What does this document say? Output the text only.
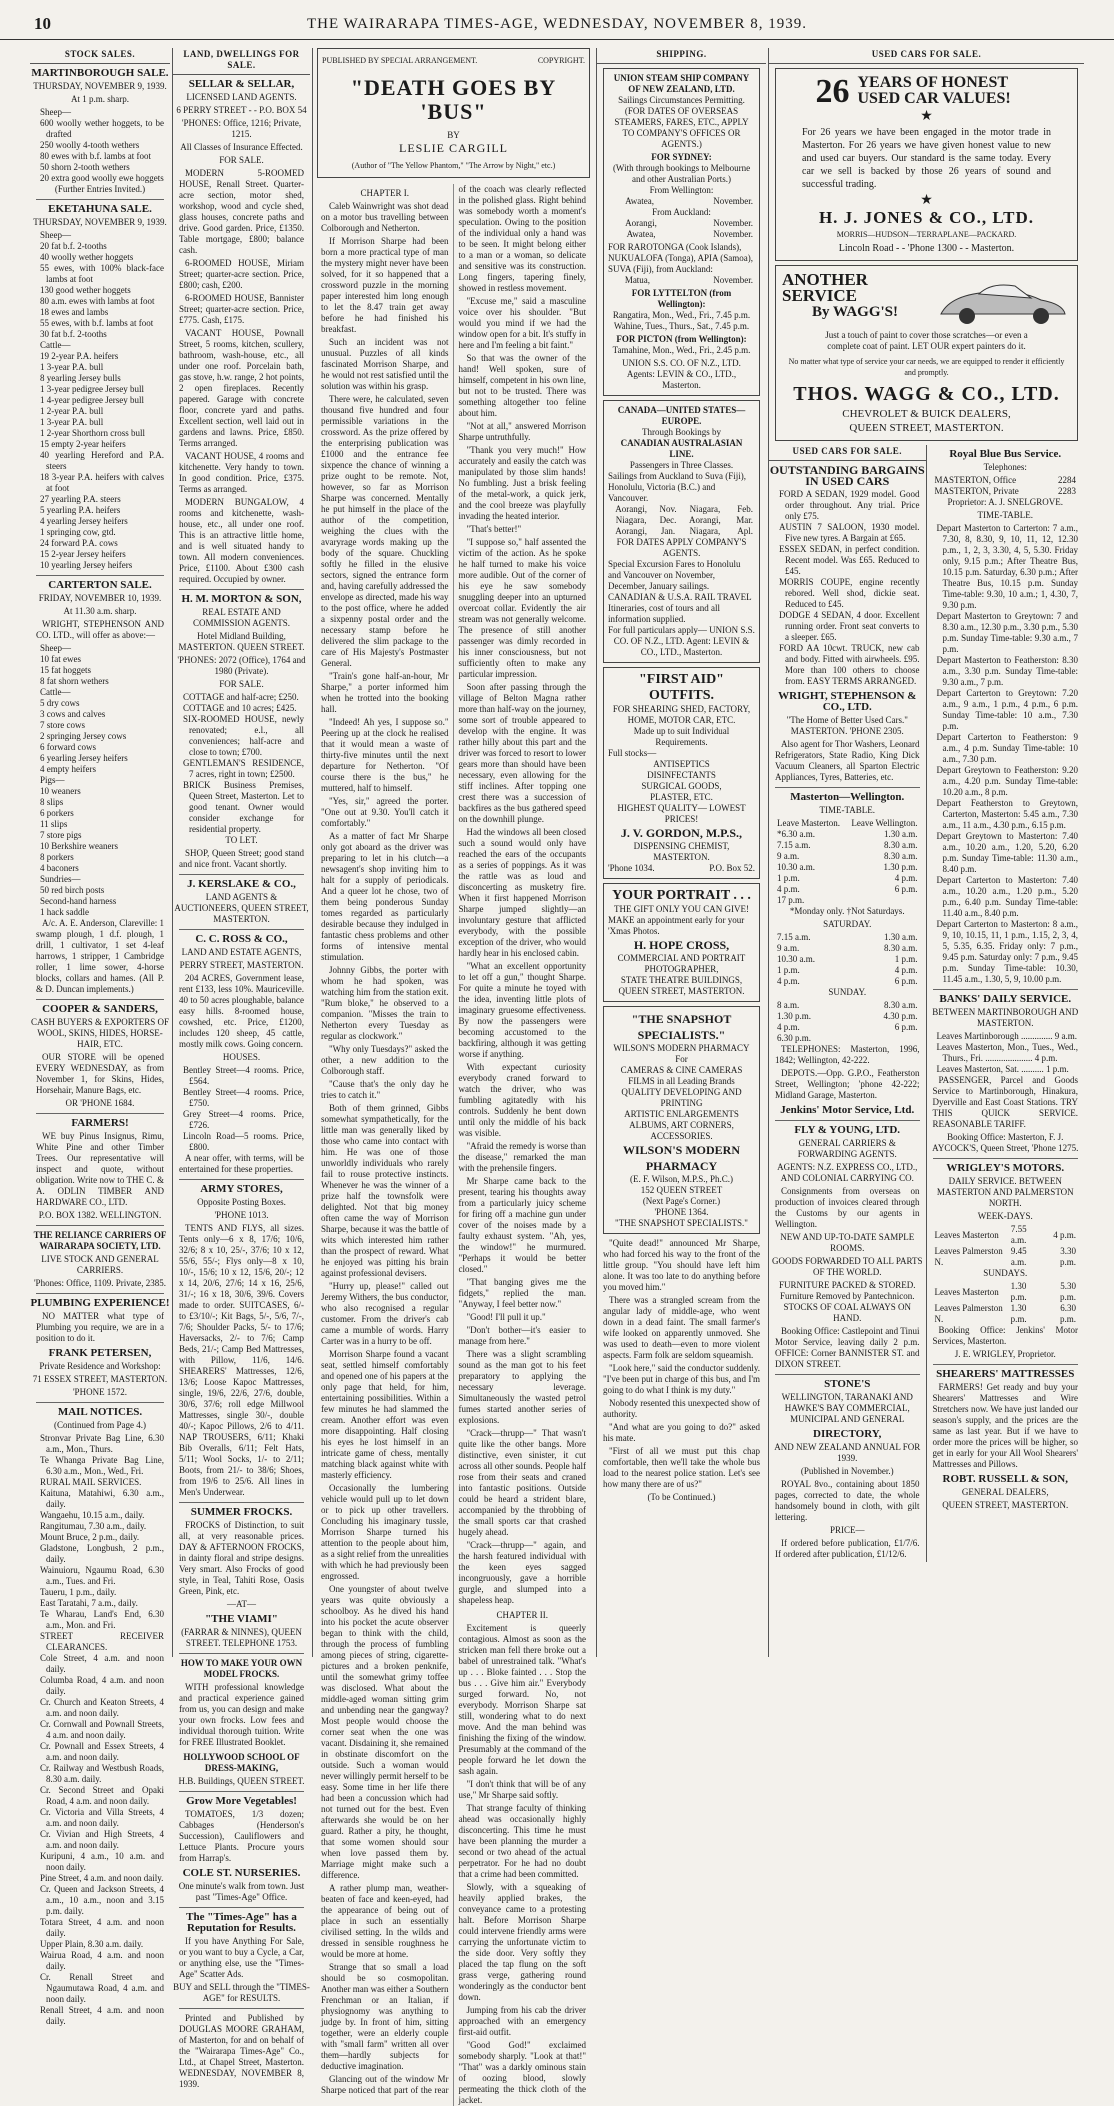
10	THE WAIRARAPA TIMES-AGE, WEDNESDAY, NOVEMBER 8, 1939.
STOCK SALES.
MARTINBOROUGH SALE.
THURSDAY, NOVEMBER 9, 1939.
At 1 p.m. sharp.
Sheep—
600 woolly wether hoggets, to be drafted
250 woolly 4-tooth wethers
80 ewes with b.f. lambs at foot
50 shorn 2-tooth wethers
20 extra good woolly ewe hoggets
(Further Entries Invited.)
EKETAHUNA SALE.
THURSDAY, NOVEMBER 9, 1939.
Sheep—
20 fat b.f. 2-tooths
40 woolly wether hoggets
55 ewes, with 100% black-face lambs at foot
130 good wether hoggets
80 a.m. ewes with lambs at foot
18 ewes and lambs
55 ewes, with b.f. lambs at foot
30 fat b.f. 2-tooths
Cattle—
19 2-year P.A. heifers
1 3-year P.A. bull
8 yearling Jersey bulls
1 3-year pedigree Jersey bull
1 4-year pedigree Jersey bull
1 2-year P.A. bull
1 3-year P.A. bull
1 2-year Shorthorn cross bull
15 empty 2-year heifers
40 yearling Hereford and P.A. steers
18 3-year P.A. heifers with calves at foot
27 yearling P.A. steers
5 yearling P.A. heifers
4 yearling Jersey heifers
1 springing cow, gtd.
24 forward P.A. cows
15 2-year Jersey heifers
10 yearling Jersey heifers
CARTERTON SALE.
FRIDAY, NOVEMBER 10, 1939.
At 11.30 a.m. sharp.

WRIGHT, STEPHENSON AND CO. LTD., will offer as above:—

Sheep—
10 fat ewes
15 fat hoggets
8 fat shorn wethers
Cattle—
5 dry cows
3 cows and calves
7 store cows
2 springing Jersey cows
6 forward cows
6 yearling Jersey heifers
4 empty heifers
Pigs—
10 weaners
8 slips
6 porkers
11 slips
7 store pigs
10 Berkshire weaners
8 porkers
4 baconers
Sundries—
50 red birch posts
Second-hand harness
1 hack saddle

A/c. A. E. Anderson, Clareville: 1 swamp plough, 1 d.f. plough, 1 drill, 1 cultivator, 1 set 4-leaf harrows, 1 stripper, 1 Cambridge roller, 1 lime sower, 4-horse blocks, collars and hames. (All P. & D. Duncan implements.)

COOPER & SANDERS,
CASH BUYERS & EXPORTERS OF WOOL, SKINS, HIDES, HORSE-HAIR, ETC.

OUR STORE will be opened EVERY WEDNESDAY, as from November 1, for Skins, Hides, Horsehair, Manure Bags, etc.

OR 'PHONE 1684.
FARMERS!

WE buy Pinus Insignus, Rimu, White Pine and other Timber Trees. Our representative will inspect and quote, without obligation. Write now to THE C. & A. ODLIN TIMBER AND HARDWARE CO., LTD.

P.O. BOX 1382. WELLINGTON.
THE RELIANCE CARRIERS OF WAIRARAPA SOCIETY, LTD.
LIVE STOCK AND GENERAL CARRIERS.
'Phones: Office, 1109. Private, 2385.
PLUMBING EXPERIENCE!

NO MATTER what type of Plumbing you require, we are in a position to do it.

FRANK PETERSEN,
Private Residence and Workshop:
71 ESSEX STREET, MASTERTON.
'PHONE 1572.
MAIL NOTICES.
(Continued from Page 4.)
Stronvar Private Bag Line, 6.30 a.m., Mon., Thurs.
Te Whanga Private Bag Line, 6.30 a.m., Mon., Wed., Fri.
RURAL MAIL SERVICES.
Kaituna, Matahiwi, 6.30 a.m., daily.
Wangaehu, 10.15 a.m., daily.
Rangitumau, 7.30 a.m., daily.
Mount Bruce, 2 p.m., daily.
Gladstone, Longbush, 2 p.m., daily.
Wainuioru, Ngaumu Road, 6.30 a.m., Tues. and Fri.
Taueru, 1 p.m., daily.
East Taratahi, 7 a.m., daily.
Te Wharau, Land's End, 6.30 a.m., Mon. and Fri.
STREET RECEIVER CLEARANCES.
Cole Street, 4 a.m. and noon daily.
Columba Road, 4 a.m. and noon daily.
Cr. Church and Keaton Streets, 4 a.m. and noon daily.
Cr. Cornwall and Pownall Streets, 4 a.m. and noon daily.
Cr. Pownall and Essex Streets, 4 a.m. and noon daily.
Cr. Railway and Westbush Roads, 8.30 a.m. daily.
Cr. Second Street and Opaki Road, 4 a.m. and noon daily.
Cr. Victoria and Villa Streets, 4 a.m. and noon daily.
Cr. Vivian and High Streets, 4 a.m. and noon daily.
Kuripuni, 4 a.m., 10 a.m. and noon daily.
Pine Street, 4 a.m. and noon daily.
Cr. Queen and Jackson Streets, 4 a.m., 10 a.m., noon and 3.15 p.m. daily.
Totara Street, 4 a.m. and noon daily.
Upper Plain, 8.30 a.m. daily.
Wairua Road, 4 a.m. and noon daily.
Cr. Renall Street and Ngaumutawa Road, 4 a.m. and noon daily.
Renall Street, 4 a.m. and noon daily.
LAND, DWELLINGS FOR SALE.
SELLAR & SELLAR,
LICENSED LAND AGENTS.
6 PERRY STREET - - P.O. BOX 54
'PHONES: Office, 1216; Private, 1215.
All Classes of Insurance Effected.
FOR SALE.
MODERN 5-ROOMED HOUSE, Renall Street. Quarter-acre section, motor shed, workshop, wood and cycle shed, glass houses, concrete paths and drive. Good garden. Price, £1350. Table mortgage, £800; balance cash.
6-ROOMED HOUSE, Miriam Street; quarter-acre section. Price, £800; cash, £200.
6-ROOMED HOUSE, Bannister Street; quarter-acre section. Price, £775. Cash, £175.
VACANT HOUSE, Pownall Street, 5 rooms, kitchen, scullery, bathroom, wash-house, etc., all under one roof. Porcelain bath, gas stove, h.w. range, 2 hot points, 2 open fireplaces. Recently papered. Garage with concrete floor, concrete yard and paths. Excellent section, well laid out in gardens and lawns. Price, £850. Terms arranged.
VACANT HOUSE, 4 rooms and kitchenette. Very handy to town. In good condition. Price, £375. Terms as arranged.
MODERN BUNGALOW, 4 rooms and kitchenette, wash-house, etc., all under one roof. This is an attractive little home, and is well situated handy to town. All modern conveniences. Price, £1100. About £300 cash required. Occupied by owner.
H. M. MORTON & SON,
REAL ESTATE AND COMMISSION AGENTS.
Hotel Midland Building, MASTERTON. QUEEN STREET.
'PHONES: 2072 (Office), 1764 and 1980 (Private).
FOR SALE.
COTTAGE and half-acre; £250.
COTTAGE and 10 acres; £425.
SIX-ROOMED HOUSE, newly renovated; e.l., all conveniences; half-acre and close to town; £700.
GENTLEMAN'S RESIDENCE, 7 acres, right in town; £2500.
BRICK Business Premises, Queen Street, Masterton. Let to good tenant. Owner would consider exchange for residential property.
TO LET.

SHOP, Queen Street; good stand and nice front. Vacant shortly.

J. KERSLAKE & CO.,
LAND AGENTS & AUCTIONEERS, QUEEN STREET, MASTERTON.
C. C. ROSS & CO.,
LAND AND ESTATE AGENTS,
PERRY STREET, MASTERTON.

204 ACRES, Government lease, rent £133, less 10%. Mauriceville. 40 to 50 acres ploughable, balance easy hills. 8-roomed house, cowshed, etc. Price, £1200, includes 120 sheep, 45 cattle, mostly milk cows. Going concern.

HOUSES.
Bentley Street—4 rooms. Price, £564.
Bentley Street—4 rooms. Price, £750.
Grey Street—4 rooms. Price, £726.
Lincoln Road—5 rooms. Price, £800.

A near offer, with terms, will be entertained for these properties.

ARMY STORES,
Opposite Posting Boxes.
'PHONE 1013.

TENTS AND FLYS, all sizes. Tents only—6 x 8, 17/6; 10/6, 32/6; 8 x 10, 25/-, 37/6; 10 x 12, 55/6, 55/-; Flys only—8 x 10, 10/-, 15/6; 10 x 12, 15/6, 20/-; 12 x 14, 20/6, 27/6; 14 x 16, 25/6, 31/-; 16 x 18, 30/6, 39/6. Covers made to order. SUITCASES, 6/- to £3/10/-; Kit Bags, 5/-, 5/6, 7/-, 7/6; Shoulder Packs, 5/- to 17/6; Haversacks, 2/- to 7/6; Camp Beds, 21/-; Camp Bed Mattresses, with Pillow, 11/6, 14/6. SHEARERS' Mattresses, 12/6, 13/6; Loose Kapoc Mattresses, single, 19/6, 22/6, 27/6, double, 30/6, 37/6; roll edge Millwool Mattresses, single 30/-, double 40/-; Kapoc Pillows, 2/6 to 4/11. NAP TROUSERS, 6/11; Khaki Bib Overalls, 6/11; Felt Hats, 5/11; Wool Socks, 1/- to 2/11; Boots, from 21/- to 38/6; Shoes, from 19/6 to 25/6. All lines in Men's Underwear.

SUMMER FROCKS.

FROCKS of Distinction, to suit all, at very reasonable prices. DAY & AFTERNOON FROCKS, in dainty floral and stripe designs. Very smart. Also Frocks of good style, in Teal, Tahiti Rose, Oasis Green, Pink, etc.

—AT—
"THE VIAMI"
(FARRAR & NINNES), QUEEN STREET. TELEPHONE 1753.
HOW TO MAKE YOUR OWN MODEL FROCKS.

WITH professional knowledge and practical experience gained from us, you can design and make your own frocks. Low fees and individual thorough tuition. Write for FREE Illustrated Booklet.

HOLLYWOOD SCHOOL OF DRESS-MAKING,
H.B. Buildings, QUEEN STREET.
Grow More Vegetables!

TOMATOES, 1/3 dozen; Cabbages (Henderson's Succession), Cauliflowers and Lettuce Plants. Procure yours from Harrap's.

COLE ST. NURSERIES.
One minute's walk from town. Just past "Times-Age" Office.
The "Times-Age" has a Reputation for Results.

If you have Anything For Sale, or you want to buy a Cycle, a Car, or anything else, use the "Times-Age" Scatter Ads.

BUY and SELL through the "TIMES-AGE" for RESULTS.

Printed and Published by DOUGLAS MOORE GRAHAM, of Masterton, for and on behalf of the "Wairarapa Times-Age" Co., Ltd., at Chapel Street, Masterton. WEDNESDAY, NOVEMBER 8, 1939.

PUBLISHED BY SPECIAL ARRANGEMENT.	COPYRIGHT.
"DEATH GOES BY 'BUS"
BY
LESLIE CARGILL
(Author of "The Yellow Phantom," "The Arrow by Night," etc.)
CHAPTER I.

Caleb Wainwright was shot dead on a motor bus travelling between Colborough and Netherton.

If Morrison Sharpe had been born a more practical type of man the mystery might never have been solved, for it so happened that a crossword puzzle in the morning paper interested him long enough to let the 8.47 train get away before he had finished his breakfast.

Such an incident was not unusual. Puzzles of all kinds fascinated Morrison Sharpe, and he would not rest satisfied until the solution was within his grasp.

There were, he calculated, seven thousand five hundred and four permissible variations in the crossword. As the prize offered by the enterprising publication was £1000 and the entrance fee sixpence the chance of winning a prize ought to be remote. Not, however, so far as Morrison Sharpe was concerned. Mentally he put himself in the place of the author of the competition, weighing the clues with the avaryrage words making up the body of the square. Chuckling softly he filled in the elusive sectors, signed the entrance form and, having carefully addressed the envelope as directed, made his way to the post office, where he added a sixpenny postal order and the necessary stamp before he delivered the slim package to the care of His Majesty's Postmaster General.

"Train's gone half-an-hour, Mr Sharpe," a porter informed him when he trotted into the booking hall.

"Indeed! Ah yes, I suppose so." Peering up at the clock he realised that it would mean a waste of thirty-five minutes until the next departure for Netherton. "Of course there is the bus," he muttered, half to himself.

"Yes, sir," agreed the porter. "One out at 9.30. You'll catch it comfortably."

As a matter of fact Mr Sharpe only got aboard as the driver was preparing to let in his clutch—a newsagent's shop inviting him to halt for a supply of periodicals. And a queer lot he chose, two of them being ponderous Sunday tomes regarded as particularly desirable because they indulged in fantastic chess problems and other forms of intensive mental stimulation.

Johnny Gibbs, the porter with whom he had spoken, was watching him from the station exit. "Rum bloke," he observed to a companion. "Misses the train to Netherton every Tuesday as regular as clockwork."

"Why only Tuesdays?" asked the other, a new addition to the Colborough staff.

"Cause that's the only day he tries to catch it."

Both of them grinned, Gibbs somewhat sympathetically, for the little man was generally liked by those who came into contact with him. He was one of those unworldly individuals who rarely fail to rouse protective instincts. Whenever he was the winner of a prize half the townsfolk were delighted. Not that big money often came the way of Morrison Sharpe, because it was the battle of wits which interested him rather than the prospect of reward. What he enjoyed was pitting his brain against professional devisers.

"Hurry up, please!" called out Jeremy Withers, the bus conductor, who also recognised a regular customer. From the driver's cab came a mumble of words. Harry Carter was in a hurry to be off.

Morrison Sharpe found a vacant seat, settled himself comfortably and opened one of his papers at the only page that held, for him, entertaining possibilities. Within a few minutes he had slammed the cream. Another effort was even more disappointing. Half closing his eyes he lost himself in an intricate game of chess, mentally matching black against white with masterly efficiency.

Occasionally the lumbering vehicle would pull up to let down or to pick up other travellers. Concluding his imaginary tussle, Morrison Sharpe turned his attention to the people about him, as a sight relief from the unrealities with which he had previously been engrossed.

One youngster of about twelve years was quite obviously a schoolboy. As he dived his hand into his pocket the acute observer began to think with the child, through the process of fumbling among pieces of string, cigarette-pictures and a broken penknife, until the somewhat grimy toffee was disclosed. What about the middle-aged woman sitting grim and unbending near the gangway? Most people would choose the corner seat when the one was vacant. Disdaining it, she remained in obstinate discomfort on the outside. Such a woman would never willingly permit herself to be easy. Some time in her life there had been a concussion which had not turned out for the best. Even afterwards she would be on her guard. Rather a pity, he thought, that some women should sour when love passed them by. Marriage might make such a difference.

A rather plump man, weather-beaten of face and keen-eyed, had the appearance of being out of place in such an essentially civilised setting. In the wilds and dressed in sensible roughness he would be more at home.

Strange that so small a load should be so cosmopolitan. Another man was either a Southern Frenchman or an Italian, if physiognomy was anything to judge by. In front of him, sitting together, were an elderly couple with "small farm" written all over them—hardly subjects for deductive imagination.

Glancing out of the window Mr Sharpe noticed that part of the rear of the coach was clearly reflected in the polished glass. Right behind was somebody worth a moment's speculation. Owing to the position of the individual only a hand was to be seen. It might belong either to a man or a woman, so delicate and sensitive was its construction. Long fingers, tapering finely, showed in restless movement.

"Excuse me," said a masculine voice over his shoulder. "But would you mind if we had the window open for a bit. It's stuffy in here and I'm feeling a bit faint."

So that was the owner of the hand! Well spoken, sure of himself, competent in his own line, but not to be trusted. There was something altogether too feline about him.

"Not at all," answered Morrison Sharpe untruthfully.

"Thank you very much!" How accurately and easily the catch was manipulated by those slim hands! No fumbling. Just a brisk feeling of the metal-work, a quick jerk, and the cool breeze was playfully invading the heated interior.

"That's better!"

"I suppose so," half assented the victim of the action. As he spoke he half turned to make his voice more audible. Out of the corner of his eye he saw somebody snuggling deeper into an upturned overcoat collar. Evidently the air stream was not generally welcome. The presence of still another passenger was dimly recorded in his inner consciousness, but not sufficiently often to make any particular impression.

Soon after passing through the village of Belton Magna rather more than half-way on the journey, some sort of trouble appeared to develop with the engine. It was rather hilly about this part and the driver was forced to resort to lower gears more than should have been necessary, even allowing for the stiff inclines. After topping one crest there was a succession of backfires as the bus gathered speed on the downhill plunge.

Had the windows all been closed such a sound would only have reached the ears of the occupants as a series of poppings. As it was the rattle was as loud and disconcerting as musketry fire. When it first happened Morrison Sharpe jumped slightly—an involuntary gesture that afflicted everybody, with the possible exception of the driver, who would hardly hear in his enclosed cabin.

"What an excellent opportunity to let off a gun," thought Sharpe. For quite a minute he toyed with the idea, inventing little plots of imaginary gruesome effectiveness. By now the passengers were becoming accustomed to the backfiring, although it was getting worse if anything.

With expectant curiosity everybody craned forward to watch the driver, who was fumbling agitatedly with his controls. Suddenly he bent down until only the middle of his back was visible.

"Afraid the remedy is worse than the disease," remarked the man with the prehensile fingers.

Mr Sharpe came back to the present, tearing his thoughts away from a particularly juicy scheme for firing off a machine gun under cover of the noises made by a faulty exhaust system. "Ah, yes, the window!" he murmured. "Perhaps it would be better closed."

"That banging gives me the fidgets," replied the man. "Anyway, I feel better now."

"Good! I'll pull it up."

"Don't bother—it's easier to manage from here."

There was a slight scrambling sound as the man got to his feet preparatory to applying the necessary leverage. Simultaneously the wasted petrol fumes started another series of explosions.

"Crack—thrupp—" That wasn't quite like the other bangs. More distinctive, even sinister, it cut across all other sounds. People half rose from their seats and craned into fantastic positions. Outside could be heard a strident blare, accompanied by the throbbing of the small sports car that crashed hugely ahead.

"Crack—thrupp—" again, and the harsh featured individual with the keen eyes sagged incongruously, gave a horrible gurgle, and slumped into a shapeless heap.

CHAPTER II.

Excitement is queerly contagious. Almost as soon as the stricken man fell there broke out a babel of unrestrained talk. "What's up . . . Bloke fainted . . . Stop the bus . . . Give him air." Everybody surged forward. No, not everybody. Morrison Sharpe sat still, wondering what to do next move. And the man behind was finishing the fixing of the window. Presumably at the command of the people forward he let down the sash again.

"I don't think that will be of any use," Mr Sharpe said softly.

That strange faculty of thinking ahead was occasionally highly disconcerting. This time he must have been planning the murder a second or two ahead of the actual perpetrator. For he had no doubt that a crime had been committed.

Slowly, with a squeaking of heavily applied brakes, the conveyance came to a protesting halt. Before Morrison Sharpe could intervene friendly arms were carrying the unfortunate victim to the side door. Very softly they placed the tap flung on the soft grass verge, gathering round wonderingly as the conductor bent down.

Jumping from his cab the driver approached with an emergency first-aid outfit.

"Good God!" exclaimed somebody sharply. "Look at that!" "That" was a darkly ominous stain of oozing blood, slowly permeating the thick cloth of the jacket.

SHIPPING.
UNION STEAM SHIP COMPANY OF NEW ZEALAND, LTD.
Sailings Circumstances Permitting.
(FOR DATES OF OVERSEAS STEAMERS, FARES, ETC., APPLY TO COMPANY'S OFFICES OR AGENTS.)
FOR SYDNEY:
(With through bookings to Melbourne and other Australian Ports.)
From Wellington:
Awatea,	November.
From Auckland:
Aorangi,	November.
Awatea,	November.
FOR RAROTONGA (Cook Islands), NUKUALOFA (Tonga), APIA (Samoa), SUVA (Fiji), from Auckland:
Matua,	November.
FOR LYTTELTON (from Wellington):
Rangatira, Mon., Wed., Fri., 7.45 p.m. Wahine, Tues., Thurs., Sat., 7.45 p.m.
FOR PICTON (from Wellington):
Tamahine, Mon., Wed., Fri., 2.45 p.m.
UNION S.S. CO. OF N.Z., LTD. Agents: LEVIN & CO., LTD., Masterton.
CANADA—UNITED STATES—EUROPE.
Through Bookings by
CANADIAN AUSTRALASIAN LINE.
Passengers in Three Classes.
Sailings from Auckland to Suva (Fiji), Honolulu, Victoria (B.C.) and Vancouver.
Aorangi,	Nov.	Niagara,	Feb.
Niagara,	Dec.	Aorangi,	Mar.
Aorangi,	Jan.	Niagara,	Apl.
FOR DATES APPLY COMPANY'S AGENTS.
Special Excursion Fares to Honolulu and Vancouver on November, December, January sailings.
CANADIAN & U.S.A. RAIL TRAVEL Itineraries, cost of tours and all information supplied.
For full particulars apply— UNION S.S. CO. OF N.Z., LTD. Agent: LEVIN & CO., LTD., Masterton.
"FIRST AID" OUTFITS.
FOR SHEARING SHED, FACTORY, HOME, MOTOR CAR, ETC.
Made up to suit Individual Requirements.
Full stocks—
ANTISEPTICS
DISINFECTANTS
SURGICAL GOODS,
PLASTER, ETC.
HIGHEST QUALITY— LOWEST PRICES!
J. V. GORDON, M.P.S.,
DISPENSING CHEMIST,
MASTERTON.
'Phone 1034.	P.O. Box 52.
YOUR PORTRAIT . . .
THE GIFT ONLY YOU CAN GIVE!
MAKE an appointment early for your 'Xmas Photos.
H. HOPE CROSS,
COMMERCIAL AND PORTRAIT PHOTOGRAPHER,
STATE THEATRE BUILDINGS, QUEEN STREET, MASTERTON.
"THE SNAPSHOT SPECIALISTS."
WILSON'S MODERN PHARMACY
For
CAMERAS & CINE CAMERAS
FILMS in all Leading Brands
QUALITY DEVELOPING AND PRINTING
ARTISTIC ENLARGEMENTS
ALBUMS, ART CORNERS, ACCESSORIES.
WILSON'S MODERN PHARMACY
(E. F. Wilson, M.P.S., Ph.C.)
152 QUEEN STREET
(Next Page's Corner.)
'PHONE 1364.
"THE SNAPSHOT SPECIALISTS."
"Quite dead!" announced Mr Sharpe, who had forced his way to the front of the little group. "You should have left him alone. It was too late to do anything before you moved him."
There was a strangled scream from the angular lady of middle-age, who went down in a dead faint. The small farmer's wife looked on apparently unmoved. She was used to death—even to more violent aspects. Farm folk are seldom squeamish.
"Look here," said the conductor suddenly. "I've been put in charge of this bus, and I'm going to do what I think is my duty."
Nobody resented this unexpected show of authority.
"And what are you going to do?" asked his mate.
"First of all we must put this chap comfortable, then we'll take the whole bus load to the nearest police station. Let's see how many there are of us?"
(To be Continued.)
USED CARS FOR SALE.
26 YEARS OF HONEST USED CAR VALUES!
★
For 26 years we have been engaged in the motor trade in Masterton. For 26 years we have given honest value to new and used car buyers. Our standard is the same today. Every car we sell is backed by those 26 years of sound and successful trading.
★
H. J. JONES & CO., LTD.
MORRIS—HUDSON—TERRAPLANE—PACKARD.
Lincoln Road - - 'Phone 1300 - - Masterton.
ANOTHER SERVICE
By WAGG'S!
Just a touch of paint to cover those scratches—or even a complete coat of paint. LET OUR expert painters do it.
No matter what type of service your car needs, we are equipped to render it efficiently and promptly.
THOS. WAGG & CO., LTD.
CHEVROLET & BUICK DEALERS,
QUEEN STREET, MASTERTON.
USED CARS FOR SALE.
OUTSTANDING BARGAINS IN USED CARS
FORD A SEDAN, 1929 model. Good order throughout. Any trial. Price only £75.
AUSTIN 7 SALOON, 1930 model. Five new tyres. A Bargain at £65.
ESSEX SEDAN, in perfect condition. Recent model. Was £65. Reduced to £45.
MORRIS COUPE, engine recently rebored. Well shod, dickie seat. Reduced to £45.
DODGE 4 SEDAN, 4 door. Excellent running order. Front seat converts to a sleeper. £65.
FORD AA 10cwt. TRUCK, new cab and body. Fitted with airwheels. £95. More than 100 others to choose from. EASY TERMS ARRANGED.
WRIGHT, STEPHENSON & CO., LTD.
"The Home of Better Used Cars." MASTERTON. 'PHONE 2305.

Also agent for Thor Washers, Leonard Refrigerators, State Radio, King Dick Vacuum Cleaners, all Sparton Electric Appliances, Tyres, Batteries, etc.

Masterton—Wellington.
TIME-TABLE.
Leave Masterton.	Leave Wellington.
*6.30 a.m.	1.30 a.m.
7.15 a.m.	8.30 a.m.
9 a.m.	8.30 a.m.
10.30 a.m.	1.30 p.m.
1 p.m.	4 p.m.
4 p.m.	6 p.m.
17 p.m.	
*Monday only. †Not Saturdays.
SATURDAY.
7.15 a.m.	1.30 a.m.
9 a.m.	8.30 a.m.
10.30 a.m.	1 p.m.
1 p.m.	4 p.m.
4 p.m.	6 p.m.
SUNDAY.
8 a.m.	8.30 a.m.
1.30 p.m.	4.30 p.m.
4 p.m.	6 p.m.
6.30 p.m.	

TELEPHONES: Masterton, 1996, 1842; Wellington, 42-222.

DEPOTS.—Opp. G.P.O., Featherston Street, Wellington; 'phone 42-222; Midland Garage, Masterton.

Jenkins' Motor Service, Ltd.
FLY & YOUNG, LTD.
GENERAL CARRIERS & FORWARDING AGENTS.
AGENTS: N.Z. EXPRESS CO., LTD., AND COLONIAL CARRYING CO.

Consignments from overseas on production of invoices cleared through the Customs by our agents in Wellington.

NEW AND UP-TO-DATE SAMPLE ROOMS.
GOODS FORWARDED TO ALL PARTS OF THE WORLD.
FURNITURE PACKED & STORED. Furniture Removed by Pantechnicon. STOCKS OF COAL ALWAYS ON HAND.

Booking Office: Castlepoint and Tinui Motor Service, leaving daily 2 p.m. OFFICE: Corner BANNISTER ST. and DIXON STREET.

STONE'S
WELLINGTON, TARANAKI AND HAWKE'S BAY COMMERCIAL, MUNICIPAL AND GENERAL
DIRECTORY,
AND NEW ZEALAND ANNUAL FOR 1939.
(Published in November.)

ROYAL 8vo., containing about 1850 pages, corrected to date, the whole handsomely bound in cloth, with gilt lettering.

PRICE—

If ordered before publication, £1/7/6. If ordered after publication, £1/12/6.

Royal Blue Bus Service.
Telephones:
MASTERTON, Office	2284
MASTERTON, Private	2283
Proprietor: A. J. SNELGROVE.
TIME-TABLE.
Depart Masterton to Carterton: 7 a.m., 7.30, 8, 8.30, 9, 10, 11, 12, 12.30 p.m., 1, 2, 3, 3.30, 4, 5, 5.30. Friday only, 9.15 p.m.; After Theatre Bus, 10.15 p.m. Saturday, 6.30 p.m.; After Theatre Bus, 10.15 p.m. Sunday Time-table: 9.30, 10 a.m.; 1, 4.30, 7, 9.30 p.m.
Depart Masterton to Greytown: 7 and 8.30 a.m., 12.30 p.m., 3.30 p.m., 5.30 p.m. Sunday Time-table: 9.30 a.m., 7 p.m.
Depart Masterton to Featherston: 8.30 a.m., 3.30 p.m. Sunday Time-table: 9.30 a.m., 7 p.m.
Depart Carterton to Greytown: 7.20 a.m., 9 a.m., 1 p.m., 4 p.m., 6 p.m. Sunday Time-table: 10 a.m., 7.30 p.m.
Depart Carterton to Featherston: 9 a.m., 4 p.m. Sunday Time-table: 10 a.m., 7.30 p.m.
Depart Greytown to Featherston: 9.20 a.m., 4.20 p.m. Sunday Time-table: 10.20 a.m., 8 p.m.
Depart Featherston to Greytown, Carterton, Masterton: 5.45 a.m., 7.30 a.m., 11 a.m., 4.30 p.m., 6.15 p.m.
Depart Greytown to Masterton: 7.40 a.m., 10.20 a.m., 1.20, 5.20, 6.20 p.m. Sunday Time-table: 11.30 a.m., 8.40 p.m.
Depart Carterton to Masterton: 7.40 a.m., 10.20 a.m., 1.20 p.m., 5.20 p.m., 6.40 p.m. Sunday Time-table: 11.40 a.m., 8.40 p.m.
Depart Carterton to Masterton: 8 a.m., 9, 10, 10.15, 11, 1 p.m., 1.15, 2, 3, 4, 5, 5.35, 6.35. Friday only: 7 p.m., 9.45 p.m. Saturday only: 7 p.m., 9.45 p.m. Sunday Time-table: 10.30, 11.45 a.m., 1.30, 5, 9, 10.00 p.m.
BANKS' DAILY SERVICE.
BETWEEN MARTINBOROUGH AND MASTERTON.
Leaves Martinborough .............. 9 a.m.
Leaves Masterton, Mon., Tues., Wed., Thurs., Fri. ..................... 4 p.m.
Leaves Masterton, Sat. .......... 1 p.m.

PASSENGER, Parcel and Goods Service to Martinborough, Hinakura, Dyerville and East Coast Stations. TRY THIS QUICK SERVICE. REASONABLE TARIFF.

Booking Office: Masterton, F. J. AYCOCK'S, Queen Street, 'Phone 1275.
WRIGLEY'S MOTORS.
DAILY SERVICE. BETWEEN MASTERTON AND PALMERSTON NORTH.
WEEK-DAYS.
Leaves Masterton	7.55 a.m.	4 p.m.
Leaves Palmerston N.	9.45 a.m.	3.30 p.m.
SUNDAYS.
Leaves Masterton	1.30 p.m.	5.30 p.m.
Leaves Palmerston N.	1.30 p.m.	6.30 p.m.

Booking Office: Jenkins' Motor Services, Masterton.

J. E. WRIGLEY, Proprietor.
SHEARERS' MATTRESSES

FARMERS! Get ready and buy your Shearers' Mattresses and Wire Stretchers now. We have just landed our season's supply, and the prices are the same as last year. But if we have to order more the prices will be higher, so get in early for your All Wool Shearers' Mattresses and Pillows.

ROBT. RUSSELL & SON,
GENERAL DEALERS,
QUEEN STREET, MASTERTON.
